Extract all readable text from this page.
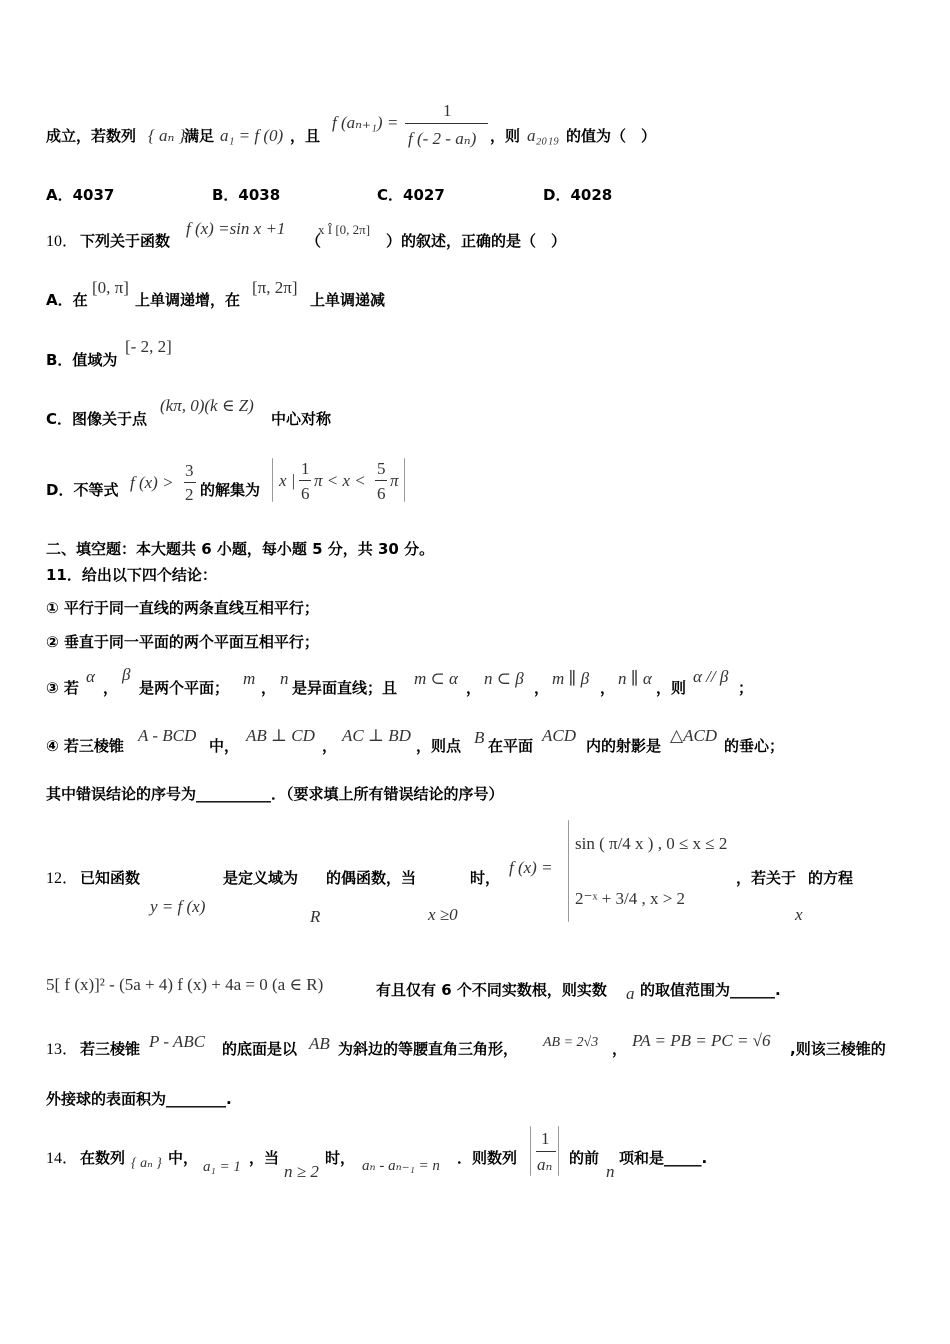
成立，若数列 { aₙ }
满足 a₁ = f (0) ，且
f (aₙ₊₁) =
1
f (- 2 - aₙ) ，则 a₂₀₁₉ 的值为（　）
A．4037	B．4038	C．4027	D．4028
10． 下列关于函数
f (x) =sin x +1
（
x Î [0, 2π]
）的叙述，正确的是（　）
A．在
[0, π]
上单调递增，在
[π, 2π]
上单调递减
B．值域为
[- 2, 2]
C．图像关于点
(kπ, 0)(k ∈ Z)
中心对称
D．不等式 f (x) >
3
2 的解集为 x |
1
6
π < x <
5
6
π
二、填空题：本大题共 6 小题，每小题 5 分，共 30 分。
11．给出以下四个结论：
① 平行于同一直线的两条直线互相平行；
② 垂直于同一平面的两个平面互相平行；
③ 若
α
，
β
是两个平面； m ， n 是异面直线；且 m ⊂ α ， n ⊂ β ， m ∥ β ， n ∥ α ，则
α // β
；
④ 若三棱锥
A - BCD
中，
AB ⊥ CD
，
AC ⊥ BD
，则点 B 在平面
ACD
内的射影是
△ACD
的垂心；
其中错误结论的序号为__________．（要求填上所有错误结论的序号）
12． 已知函数
y = f (x)
是定义域为
R
的偶函数，当
x ≥0
时，
f (x) =
sin ( π/4 x ) , 0 ≤ x ≤ 2
2⁻ˣ + 3/4 , x > 2
，若关于
x
的方程
5[ f (x)]² - (5a + 4) f (x) + 4a = 0 (a ∈ R)	有且仅有 6 个不同实数根，则实数 a 的取值范围为______.
13． 若三棱锥 P - ABC 的底面是以 AB 为斜边的等腰直角三角形， AB = 2√3 ， PA = PB = PC = √6 ,则该三棱锥的
外接球的表面积为________.
14． 在数列 { aₙ } 中， a₁ = 1 ，当
n ≥ 2
时， aₙ - aₙ₋₁ = n ．则数列
1
aₙ 的前
n
项和是_____.
